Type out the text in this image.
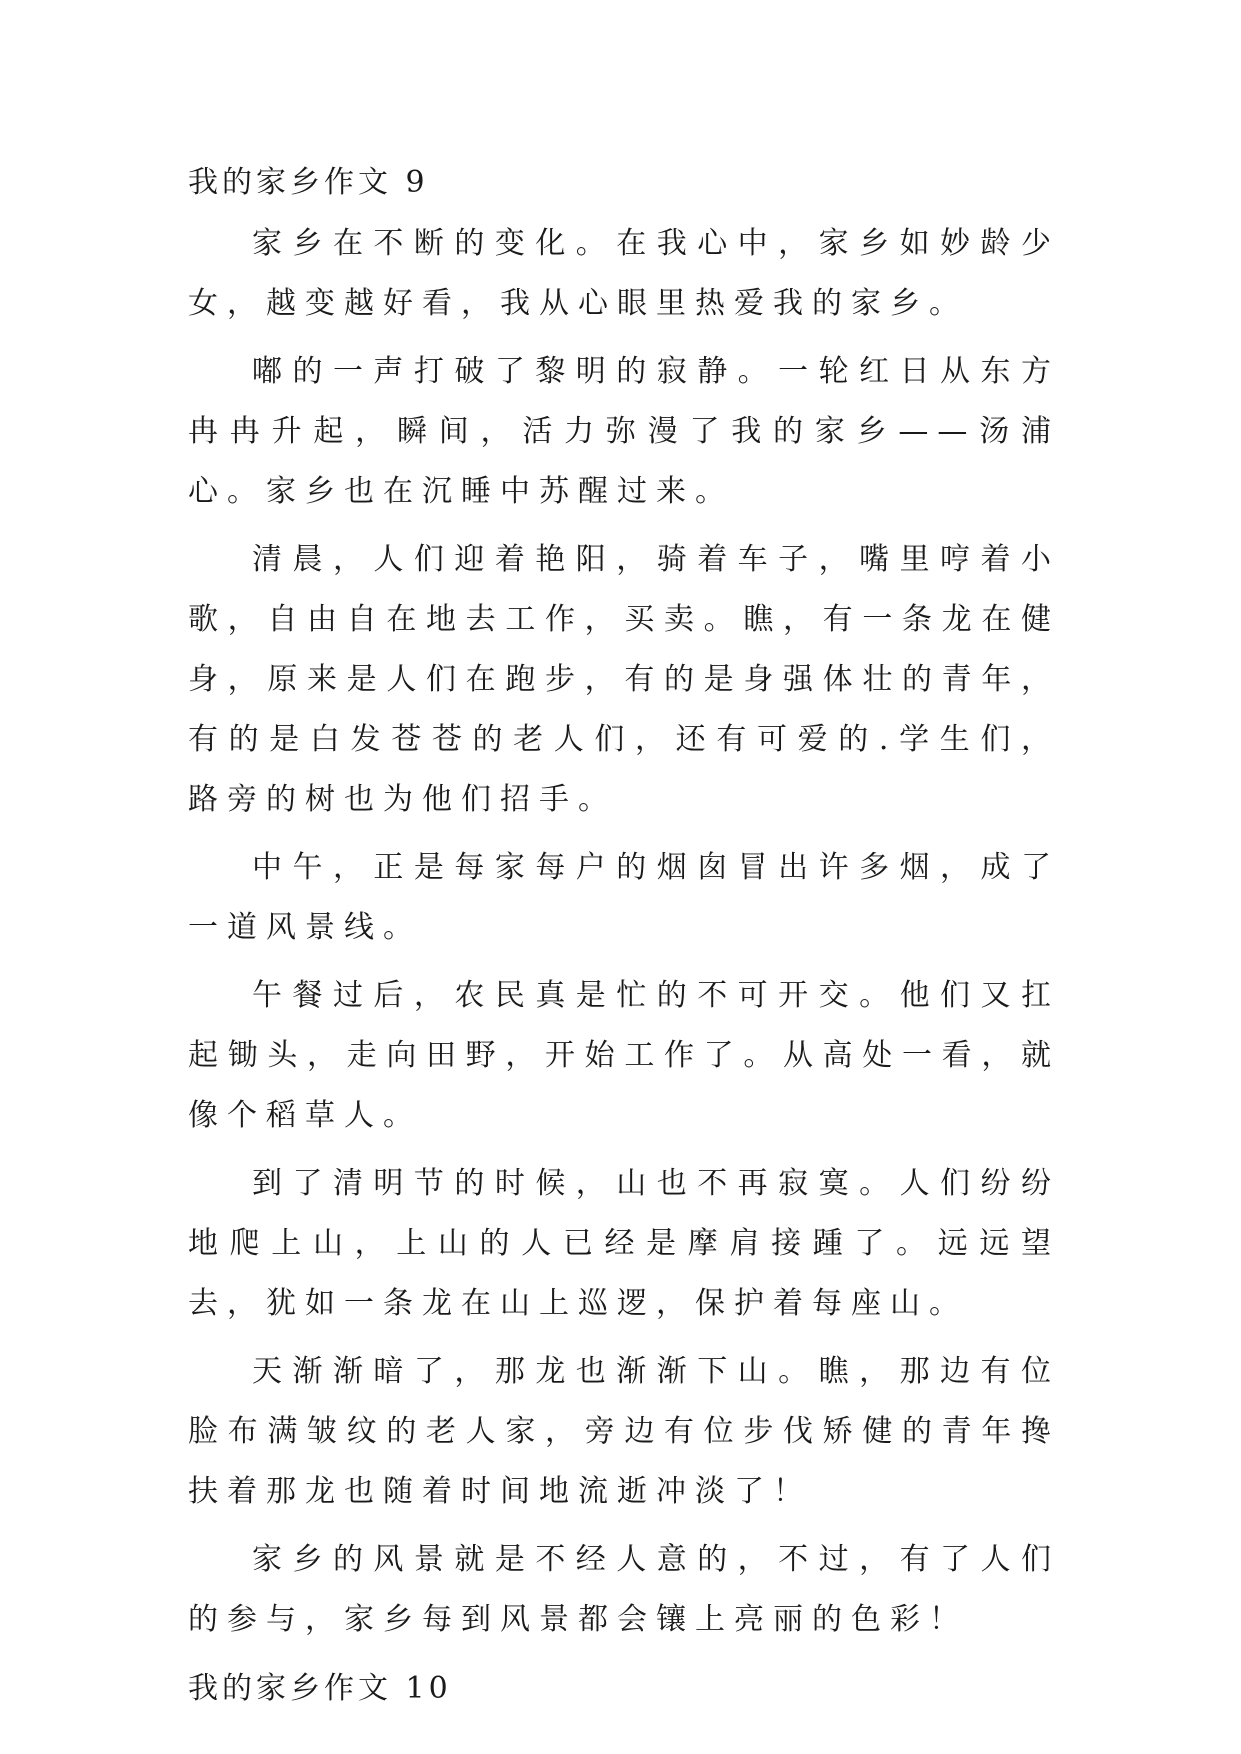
我的家乡作文 9

家乡在不断的变化。在我心中，家乡如妙龄少女，越变越好看，我从心眼里热爱我的家乡。

嘟的一声打破了黎明的寂静。一轮红日从东方冉冉升起，瞬间，活力弥漫了我的家乡——汤浦心。家乡也在沉睡中苏醒过来。

清晨，人们迎着艳阳，骑着车子，嘴里哼着小歌，自由自在地去工作，买卖。瞧，有一条龙在健身，原来是人们在跑步，有的是身强体壮的青年，有的是白发苍苍的老人们，还有可爱的.学生们，路旁的树也为他们招手。

中午，正是每家每户的烟囱冒出许多烟，成了一道风景线。

午餐过后，农民真是忙的不可开交。他们又扛起锄头，走向田野，开始工作了。从高处一看，就像个稻草人。

到了清明节的时候，山也不再寂寞。人们纷纷地爬上山，上山的人已经是摩肩接踵了。远远望去，犹如一条龙在山上巡逻，保护着每座山。

天渐渐暗了，那龙也渐渐下山。瞧，那边有位脸布满皱纹的老人家，旁边有位步伐矫健的青年搀扶着那龙也随着时间地流逝冲淡了！

家乡的风景就是不经人意的，不过，有了人们的参与，家乡每到风景都会镶上亮丽的色彩！

我的家乡作文 10
